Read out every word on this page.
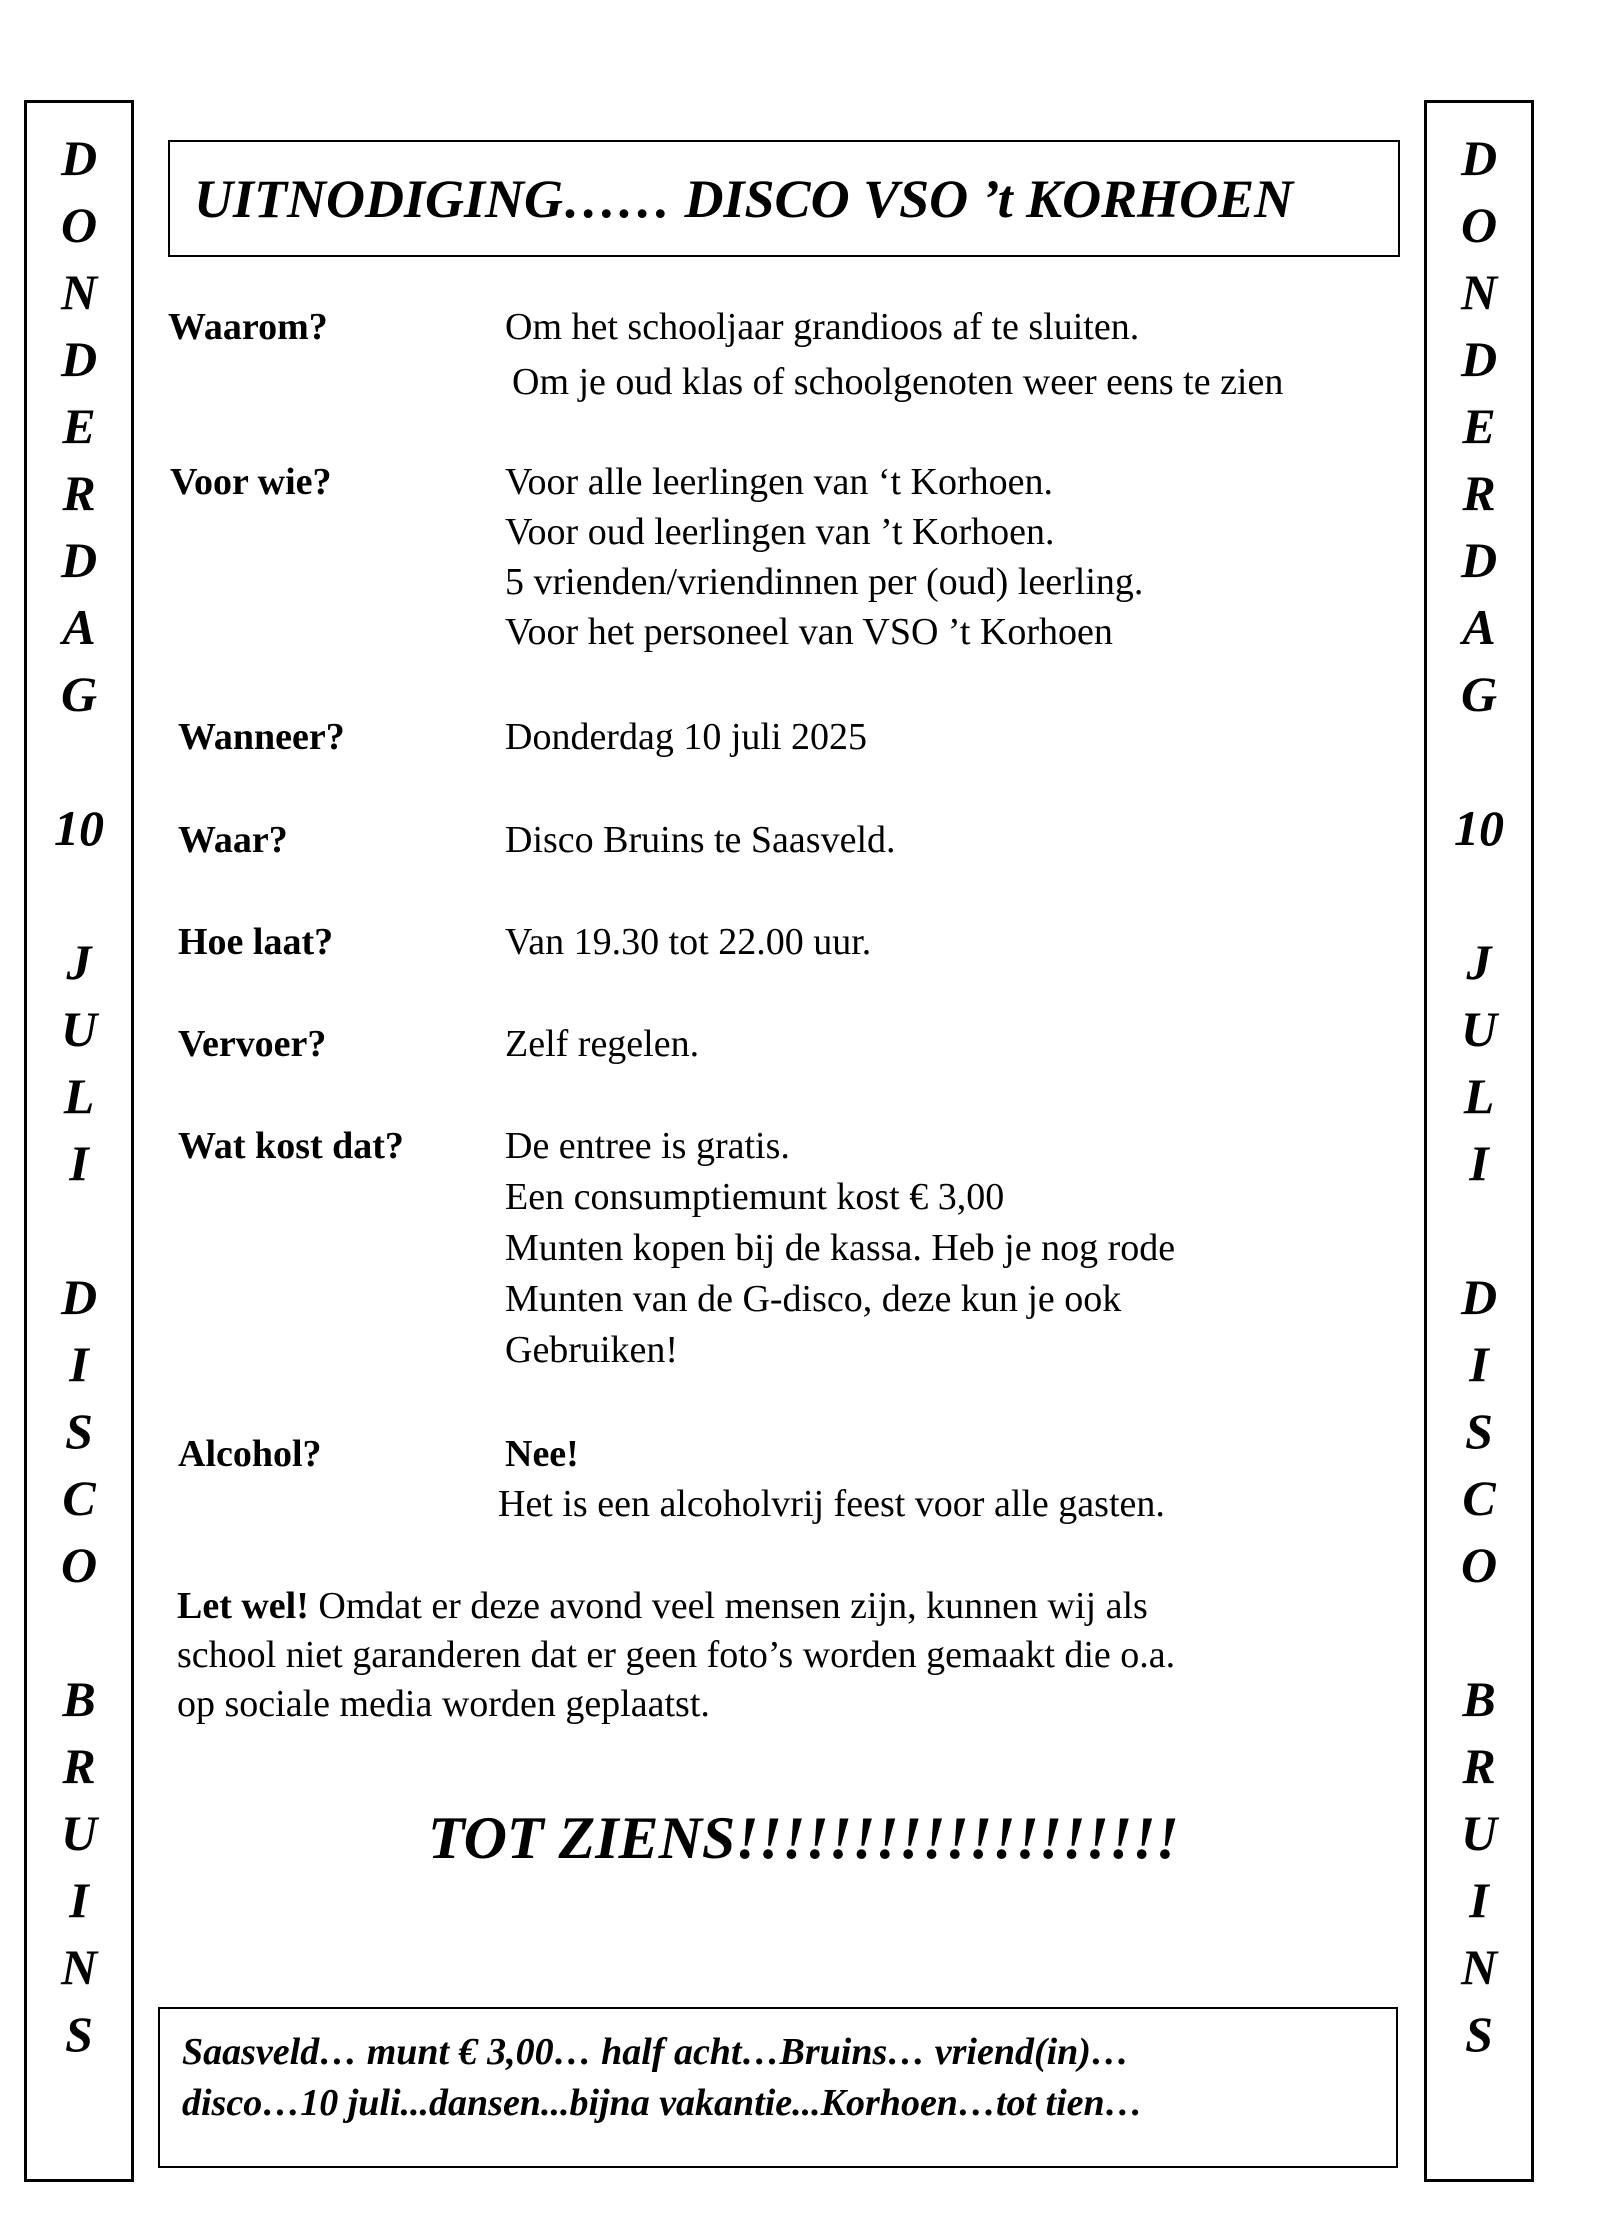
D
O
N
D
E
R
D
A
G
10
J
U
L
I
D
I
S
C
O
B
R
U
I
N
S
D
O
N
D
E
R
D
A
G
10
J
U
L
I
D
I
S
C
O
B
R
U
I
N
S
UITNODIGING…… DISCO VSO ’t KORHOEN
Waarom?	Om het schooljaar grandioos af te sluiten.
Om je oud klas of schoolgenoten weer eens te zien
Voor wie?	Voor alle leerlingen van ‘t Korhoen.
Voor oud leerlingen van ’t Korhoen.
5 vrienden/vriendinnen per (oud) leerling.
Voor het personeel van VSO ’t Korhoen
Wanneer?	Donderdag 10 juli 2025
Waar?	Disco Bruins te Saasveld.
Hoe laat?	Van 19.30 tot 22.00 uur.
Vervoer?	Zelf regelen.
Wat kost dat?	De entree is gratis.
Een consumptiemunt kost € 3,00
Munten kopen bij de kassa. Heb je nog rode
Munten van de G-disco, deze kun je ook
Gebruiken!
Alcohol?	Nee!
Het is een alcoholvrij feest voor alle gasten.
Let wel! Omdat er deze avond veel mensen zijn, kunnen wij als
school niet garanderen dat er geen foto’s worden gemaakt die o.a.
op sociale media worden geplaatst.
TOT ZIENS!!!!!!!!!!!!!!!!!!!
Saasveld… munt € 3,00… half acht…Bruins… vriend(in)…
disco…10 juli...dansen...bijna vakantie...Korhoen…tot tien…
